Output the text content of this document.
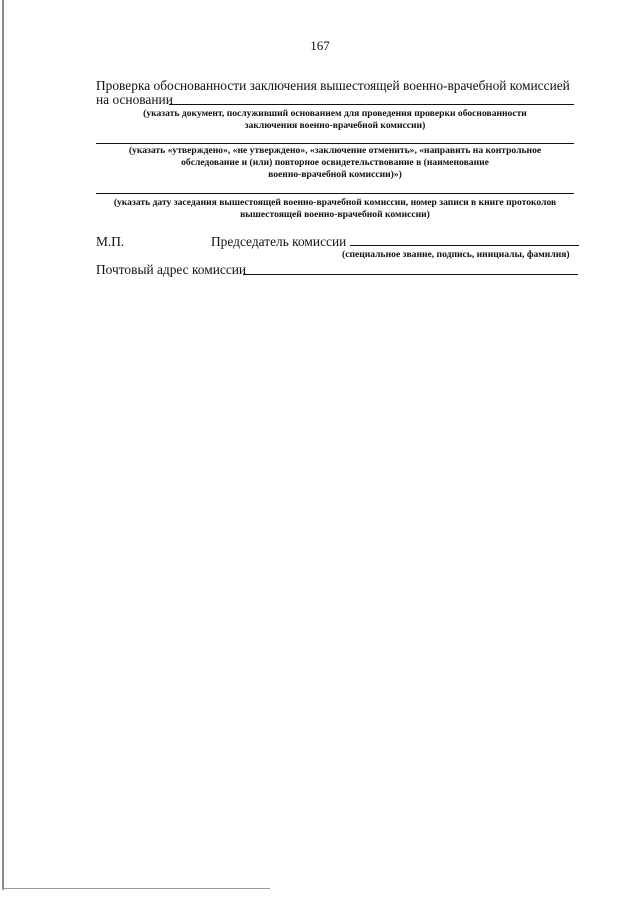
167
Проверка обоснованности заключения вышестоящей военно-врачебной комиссией
на основании
(указать документ, послуживший основанием для проведения проверки обоснованности
заключения военно-врачебной комиссии)
(указать «утверждено», «не утверждено», «заключение отменить», «направить на контрольное
обследование и (или) повторное освидетельствование в (наименование
военно-врачебной комиссии)»)
(указать дату заседания вышестоящей военно-врачебной комиссии, номер записи в книге протоколов
вышестоящей военно-врачебной комиссии)
М.П.	Председатель комиссии
(специальное звание, подпись, инициалы, фамилия)
Почтовый адрес комиссии
